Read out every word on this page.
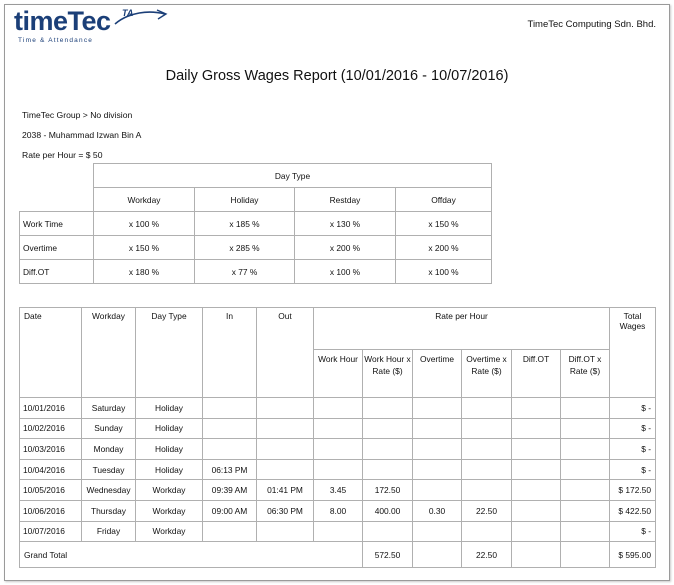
timeTec TA
Time & Attendance
TimeTec Computing Sdn. Bhd.
Daily Gross Wages Report (10/01/2016 - 10/07/2016)
TimeTec Group > No division
2038 - Muhammad Izwan Bin A
Rate per Hour = $ 50
	Day Type			
	Workday	Holiday	Restday	Offday
Work Time	x 100 %	x 185 %	x 130 %	x 150 %
Overtime	x 150 %	x 285 %	x 200 %	x 200 %
Diff.OT	x 180 %	x 77 %	x 100 %	x 100 %
Date	Workday	Day Type	In	Out	Rate per Hour						Total Wages
					Work Hour	Work Hour x Rate ($)	Overtime	Overtime x Rate ($)	Diff.OT	Diff.OT x Rate ($)	
10/01/2016	Saturday	Holiday									$ -
10/02/2016	Sunday	Holiday									$ -
10/03/2016	Monday	Holiday									$ -
10/04/2016	Tuesday	Holiday	06:13 PM								$ -
10/05/2016	Wednesday	Workday	09:39 AM	01:41 PM	3.45	172.50					$ 172.50
10/06/2016	Thursday	Workday	09:00 AM	06:30 PM	8.00	400.00	0.30	22.50			$ 422.50
10/07/2016	Friday	Workday									$ -
Grand Total						572.50		22.50			$ 595.00
